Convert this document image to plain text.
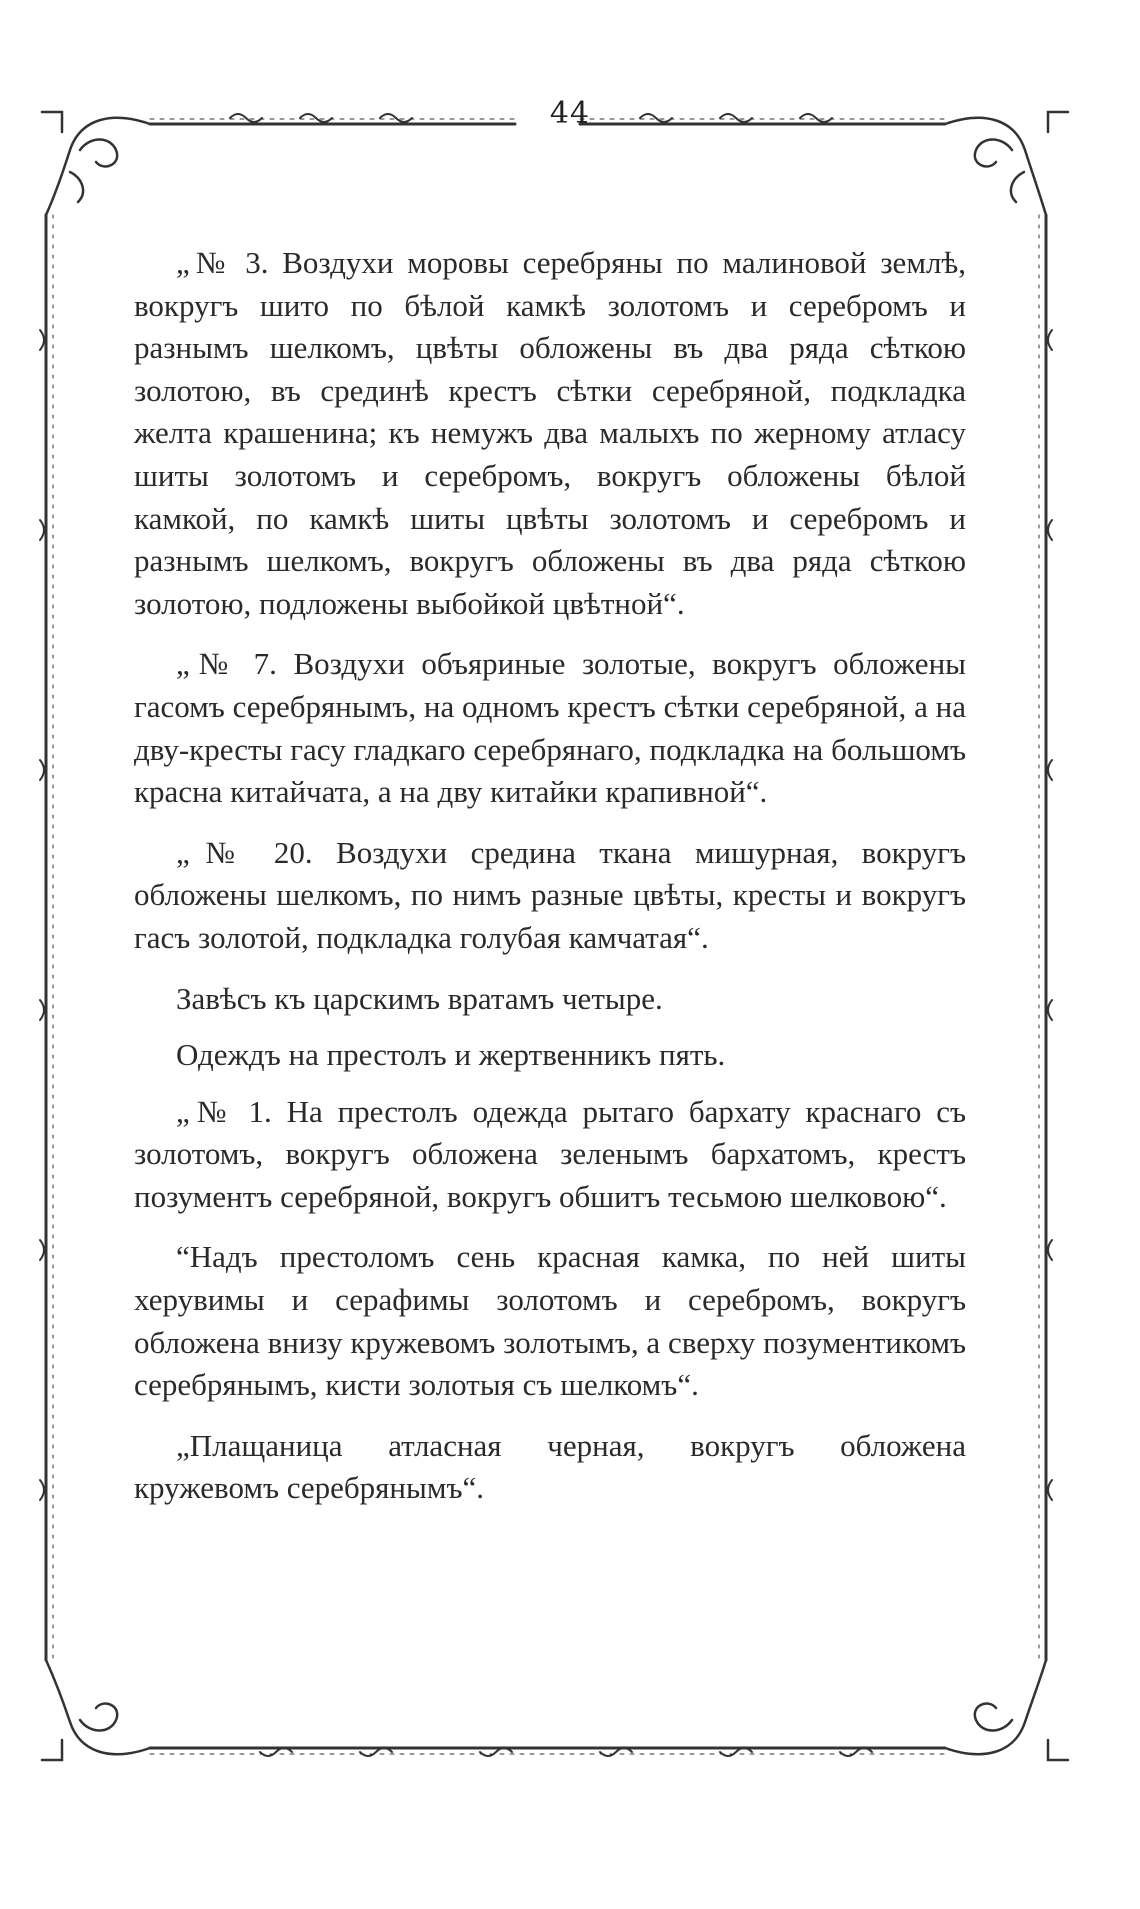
44

„№ 3. Воздухи моровы серебряны по малиновой землѣ, вокругъ шито по бѣлой камкѣ золотомъ и серебромъ и разнымъ шелкомъ, цвѣты обложены въ два ряда сѣткою золотою, въ срединѣ крестъ сѣтки серебряной, подкладка желта крашенина; къ немужъ два малыхъ по жерному атласу шиты золотомъ и серебромъ, вокругъ обложены бѣлой камкой, по камкѣ шиты цвѣты золотомъ и серебромъ и разнымъ шелкомъ, вокругъ обложены въ два ряда сѣткою золотою, подложены выбойкой цвѣтной“.

„№ 7. Воздухи объяриные золотые, вокругъ обложены гасомъ серебрянымъ, на одномъ крестъ сѣтки серебряной, а на дву-кресты гасу гладкаго серебрянаго, подкладка на большомъ красна китайчата, а на дву китайки крапивной“.

„№ 20. Воздухи средина ткана мишурная, вокругъ обложены шелкомъ, по нимъ разные цвѣты, кресты и вокругъ гасъ золотой, подкладка голубая камчатая“.

Завѣсъ къ царскимъ вратамъ четыре.

Одеждъ на престолъ и жертвенникъ пять.

„№ 1. На престолъ одежда рытаго бархату краснаго съ золотомъ, вокругъ обложена зеленымъ бархатомъ, крестъ позументъ серебряной, вокругъ обшитъ тесьмою шелковою“.

“Надъ престоломъ сень красная камка, по ней шиты херувимы и серафимы золотомъ и серебромъ, вокругъ обложена внизу кружевомъ золотымъ, а сверху позументикомъ серебрянымъ, кисти золотыя съ шелкомъ“.

„Плащаница атласная черная, вокругъ обложена кружевомъ серебрянымъ“.
